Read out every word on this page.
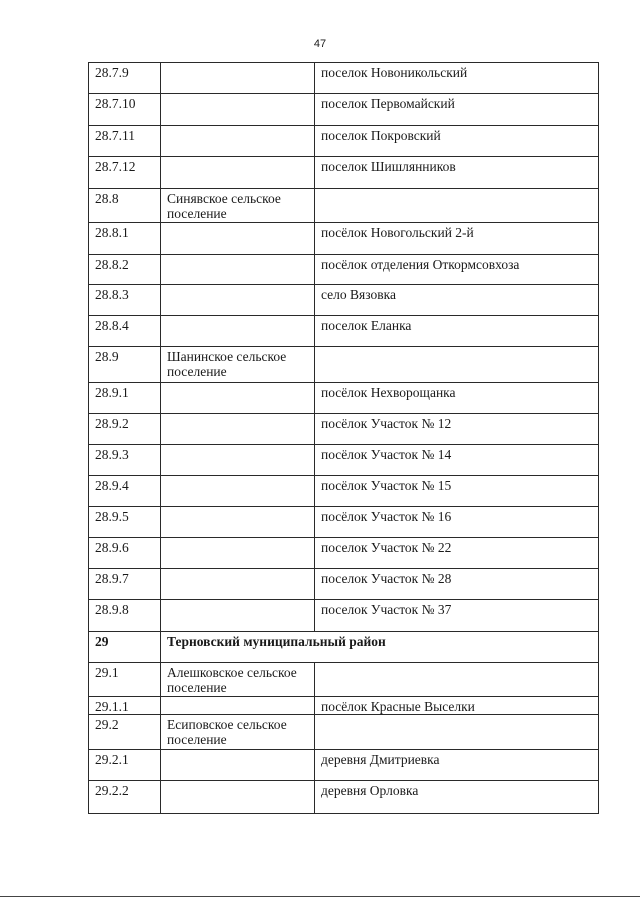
47
28.7.9		поселок Новоникольский
28.7.10		поселок Первомайский
28.7.11		поселок Покровский
28.7.12		поселок Шишлянников
28.8	Синявское сельское поселение	
28.8.1		посёлок Новогольский 2-й
28.8.2		посёлок отделения Откормсовхоза
28.8.3		село Вязовка
28.8.4		поселок Еланка
28.9	Шанинское сельское поселение	
28.9.1		посёлок Нехворощанка
28.9.2		посёлок Участок № 12
28.9.3		посёлок Участок № 14
28.9.4		посёлок Участок № 15
28.9.5		посёлок Участок № 16
28.9.6		поселок Участок № 22
28.9.7		поселок Участок № 28
28.9.8		поселок Участок № 37
29	Терновский муниципальный район	
29.1	Алешковское сельское поселение	
29.1.1		посёлок Красные Выселки
29.2	Есиповское сельское поселение	
29.2.1		деревня Дмитриевка
29.2.2		деревня Орловка
